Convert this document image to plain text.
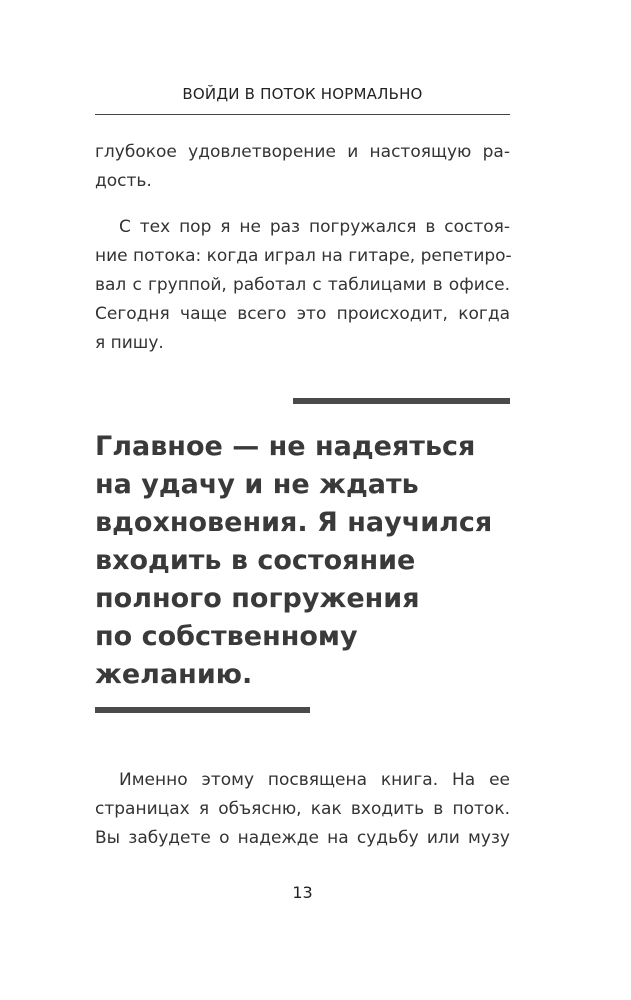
ВОЙДИ В ПОТОК НОРМАЛЬНО
глубокое удовлетворение и настоящую ра-
дость.
С тех пор я не раз погружался в состоя-
ние потока: когда играл на гитаре, репетиро-
вал с группой, работал с таблицами в офисе.
Сегодня чаще всего это происходит, когда
я пишу.
Главное — не надеяться
на удачу и не ждать
вдохновения. Я научился
входить в состояние
полного погружения
по собственному
желанию.
Именно этому посвящена книга. На ее
страницах я объясню, как входить в поток.
Вы забудете о надежде на судьбу или музу
13
